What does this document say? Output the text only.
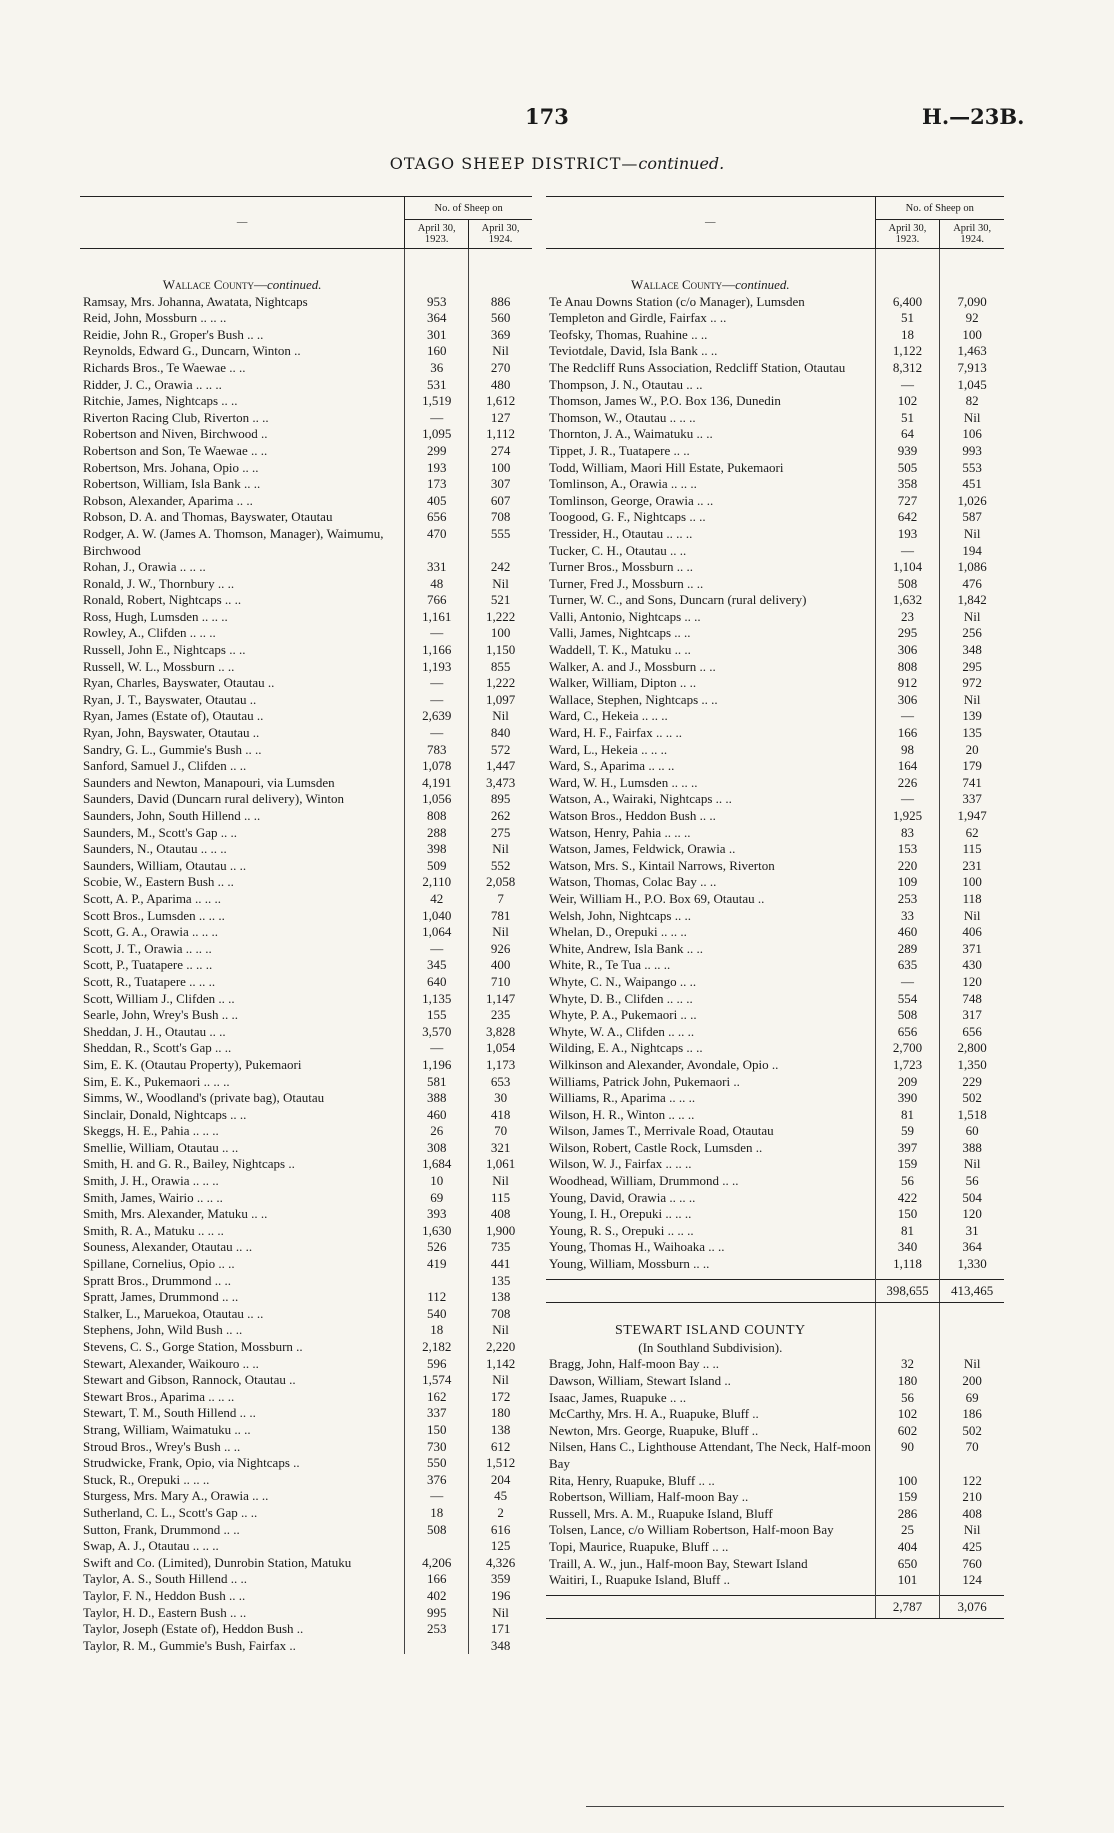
173	H.—23B.
OTAGO SHEEP DISTRICT—continued.
—	No. of Sheep on	
	April 30, 1923.	April 30, 1924.

Wallace County—continued.		
Ramsay, Mrs. Johanna, Awatata, Nightcaps	953	886
Reid, John, Mossburn .. .. ..	364	560
Reidie, John R., Groper's Bush .. ..	301	369
Reynolds, Edward G., Duncarn, Winton ..	160	Nil
Richards Bros., Te Waewae .. ..	36	270
Ridder, J. C., Orawia .. .. ..	531	480
Ritchie, James, Nightcaps .. ..	1,519	1,612
Riverton Racing Club, Riverton .. ..	—	127
Robertson and Niven, Birchwood ..	1,095	1,112
Robertson and Son, Te Waewae .. ..	299	274
Robertson, Mrs. Johana, Opio .. ..	193	100
Robertson, William, Isla Bank .. ..	173	307
Robson, Alexander, Aparima .. ..	405	607
Robson, D. A. and Thomas, Bayswater, Otautau	656	708
Rodger, A. W. (James A. Thomson, Manager), Waimumu, Birchwood	470	555
Rohan, J., Orawia .. .. ..	331	242
Ronald, J. W., Thornbury .. ..	48	Nil
Ronald, Robert, Nightcaps .. ..	766	521
Ross, Hugh, Lumsden .. .. ..	1,161	1,222
Rowley, A., Clifden .. .. ..	—	100
Russell, John E., Nightcaps .. ..	1,166	1,150
Russell, W. L., Mossburn .. ..	1,193	855
Ryan, Charles, Bayswater, Otautau ..	—	1,222
Ryan, J. T., Bayswater, Otautau ..	—	1,097
Ryan, James (Estate of), Otautau ..	2,639	Nil
Ryan, John, Bayswater, Otautau ..	—	840
Sandry, G. L., Gummie's Bush .. ..	783	572
Sanford, Samuel J., Clifden .. ..	1,078	1,447
Saunders and Newton, Manapouri, via Lumsden	4,191	3,473
Saunders, David (Duncarn rural delivery), Winton	1,056	895
Saunders, John, South Hillend .. ..	808	262
Saunders, M., Scott's Gap .. ..	288	275
Saunders, N., Otautau .. .. ..	398	Nil
Saunders, William, Otautau .. ..	509	552
Scobie, W., Eastern Bush .. ..	2,110	2,058
Scott, A. P., Aparima .. .. ..	42	7
Scott Bros., Lumsden .. .. ..	1,040	781
Scott, G. A., Orawia .. .. ..	1,064	Nil
Scott, J. T., Orawia .. .. ..	—	926
Scott, P., Tuatapere .. .. ..	345	400
Scott, R., Tuatapere .. .. ..	640	710
Scott, William J., Clifden .. ..	1,135	1,147
Searle, John, Wrey's Bush .. ..	155	235
Sheddan, J. H., Otautau .. ..	3,570	3,828
Sheddan, R., Scott's Gap .. ..	—	1,054
Sim, E. K. (Otautau Property), Pukemaori	1,196	1,173
Sim, E. K., Pukemaori .. .. ..	581	653
Simms, W., Woodland's (private bag), Otautau	388	30
Sinclair, Donald, Nightcaps .. ..	460	418
Skeggs, H. E., Pahia .. .. ..	26	70
Smellie, William, Otautau .. ..	308	321
Smith, H. and G. R., Bailey, Nightcaps ..	1,684	1,061
Smith, J. H., Orawia .. .. ..	10	Nil
Smith, James, Wairio .. .. ..	69	115
Smith, Mrs. Alexander, Matuku .. ..	393	408
Smith, R. A., Matuku .. .. ..	1,630	1,900
Souness, Alexander, Otautau .. ..	526	735
Spillane, Cornelius, Opio .. ..	419	441
Spratt Bros., Drummond .. ..		135
Spratt, James, Drummond .. ..	112	138
Stalker, L., Maruekoa, Otautau .. ..	540	708
Stephens, John, Wild Bush .. ..	18	Nil
Stevens, C. S., Gorge Station, Mossburn ..	2,182	2,220
Stewart, Alexander, Waikouro .. ..	596	1,142
Stewart and Gibson, Rannock, Otautau ..	1,574	Nil
Stewart Bros., Aparima .. .. ..	162	172
Stewart, T. M., South Hillend .. ..	337	180
Strang, William, Waimatuku .. ..	150	138
Stroud Bros., Wrey's Bush .. ..	730	612
Strudwicke, Frank, Opio, via Nightcaps ..	550	1,512
Stuck, R., Orepuki .. .. ..	376	204
Sturgess, Mrs. Mary A., Orawia .. ..	—	45
Sutherland, C. L., Scott's Gap .. ..	18	2
Sutton, Frank, Drummond .. ..	508	616
Swap, A. J., Otautau .. .. ..		125
Swift and Co. (Limited), Dunrobin Station, Matuku	4,206	4,326
Taylor, A. S., South Hillend .. ..	166	359
Taylor, F. N., Heddon Bush .. ..	402	196
Taylor, H. D., Eastern Bush .. ..	995	Nil
Taylor, Joseph (Estate of), Heddon Bush ..	253	171
Taylor, R. M., Gummie's Bush, Fairfax ..		348
—	No. of Sheep on	
	April 30, 1923.	April 30, 1924.

Wallace County—continued.		
Te Anau Downs Station (c/o Manager), Lumsden	6,400	7,090
Templeton and Girdle, Fairfax .. ..	51	92
Teofsky, Thomas, Ruahine .. ..	18	100
Teviotdale, David, Isla Bank .. ..	1,122	1,463
The Redcliff Runs Association, Redcliff Station, Otautau	8,312	7,913
Thompson, J. N., Otautau .. ..	—	1,045
Thomson, James W., P.O. Box 136, Dunedin	102	82
Thomson, W., Otautau .. .. ..	51	Nil
Thornton, J. A., Waimatuku .. ..	64	106
Tippet, J. R., Tuatapere .. ..	939	993
Todd, William, Maori Hill Estate, Pukemaori	505	553
Tomlinson, A., Orawia .. .. ..	358	451
Tomlinson, George, Orawia .. ..	727	1,026
Toogood, G. F., Nightcaps .. ..	642	587
Tressider, H., Otautau .. .. ..	193	Nil
Tucker, C. H., Otautau .. ..	—	194
Turner Bros., Mossburn .. ..	1,104	1,086
Turner, Fred J., Mossburn .. ..	508	476
Turner, W. C., and Sons, Duncarn (rural delivery)	1,632	1,842
Valli, Antonio, Nightcaps .. ..	23	Nil
Valli, James, Nightcaps .. ..	295	256
Waddell, T. K., Matuku .. ..	306	348
Walker, A. and J., Mossburn .. ..	808	295
Walker, William, Dipton .. ..	912	972
Wallace, Stephen, Nightcaps .. ..	306	Nil
Ward, C., Hekeia .. .. ..	—	139
Ward, H. F., Fairfax .. .. ..	166	135
Ward, L., Hekeia .. .. ..	98	20
Ward, S., Aparima .. .. ..	164	179
Ward, W. H., Lumsden .. .. ..	226	741
Watson, A., Wairaki, Nightcaps .. ..	—	337
Watson Bros., Heddon Bush .. ..	1,925	1,947
Watson, Henry, Pahia .. .. ..	83	62
Watson, James, Feldwick, Orawia ..	153	115
Watson, Mrs. S., Kintail Narrows, Riverton	220	231
Watson, Thomas, Colac Bay .. ..	109	100
Weir, William H., P.O. Box 69, Otautau ..	253	118
Welsh, John, Nightcaps .. ..	33	Nil
Whelan, D., Orepuki .. .. ..	460	406
White, Andrew, Isla Bank .. ..	289	371
White, R., Te Tua .. .. ..	635	430
Whyte, C. N., Waipango .. ..	—	120
Whyte, D. B., Clifden .. .. ..	554	748
Whyte, P. A., Pukemaori .. ..	508	317
Whyte, W. A., Clifden .. .. ..	656	656
Wilding, E. A., Nightcaps .. ..	2,700	2,800
Wilkinson and Alexander, Avondale, Opio ..	1,723	1,350
Williams, Patrick John, Pukemaori ..	209	229
Williams, R., Aparima .. .. ..	390	502
Wilson, H. R., Winton .. .. ..	81	1,518
Wilson, James T., Merrivale Road, Otautau	59	60
Wilson, Robert, Castle Rock, Lumsden ..	397	388
Wilson, W. J., Fairfax .. .. ..	159	Nil
Woodhead, William, Drummond .. ..	56	56
Young, David, Orawia .. .. ..	422	504
Young, I. H., Orepuki .. .. ..	150	120
Young, R. S., Orepuki .. .. ..	81	31
Young, Thomas H., Waihoaka .. ..	340	364
Young, William, Mossburn .. ..	1,118	1,330

	398,655	413,465
STEWART ISLAND COUNTY		
(In Southland Subdivision).		
Bragg, John, Half-moon Bay .. ..	32	Nil
Dawson, William, Stewart Island ..	180	200
Isaac, James, Ruapuke .. ..	56	69
McCarthy, Mrs. H. A., Ruapuke, Bluff ..	102	186
Newton, Mrs. George, Ruapuke, Bluff ..	602	502
Nilsen, Hans C., Lighthouse Attendant, The Neck, Half-moon Bay	90	70
Rita, Henry, Ruapuke, Bluff .. ..	100	122
Robertson, William, Half-moon Bay ..	159	210
Russell, Mrs. A. M., Ruapuke Island, Bluff	286	408
Tolsen, Lance, c/o William Robertson, Half-moon Bay	25	Nil
Topi, Maurice, Ruapuke, Bluff .. ..	404	425
Traill, A. W., jun., Half-moon Bay, Stewart Island	650	760
Waitiri, I., Ruapuke Island, Bluff ..	101	124

	2,787	3,076
